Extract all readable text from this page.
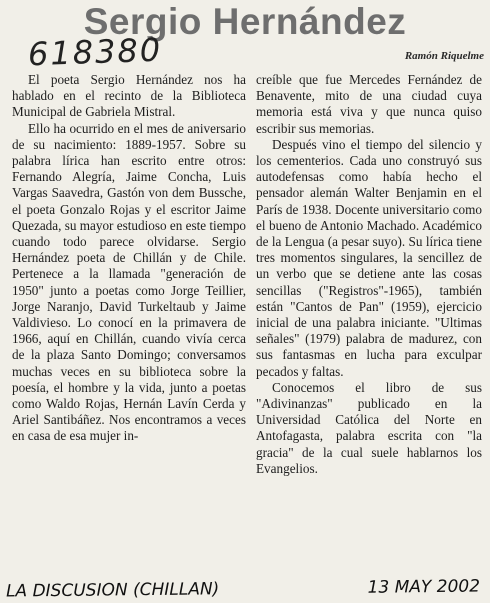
Sergio Hernández
618380	Ramón Riquelme

El poeta Sergio Hernández nos ha hablado en el recinto de la Biblioteca Municipal de Gabriela Mistral.

Ello ha ocurrido en el mes de aniversario de su nacimiento: 1889-1957. Sobre su palabra lírica han escrito entre otros: Fernando Alegría, Jaime Concha, Luis Vargas Saavedra, Gastón von dem Bussche, el poeta Gonzalo Rojas y el escritor Jaime Quezada, su mayor estudioso en este tiempo cuando todo parece olvidarse. Sergio Hernández poeta de Chillán y de Chile. Pertenece a la llamada "generación de 1950" junto a poetas como Jorge Teillier, Jorge Naranjo, David Turkeltaub y Jaime Valdivieso. Lo conocí en la primavera de 1966, aquí en Chillán, cuando vivía cerca de la plaza Santo Domingo; conversamos muchas veces en su biblioteca sobre la poesía, el hombre y la vida, junto a poetas como Waldo Rojas, Hernán Lavín Cerda y Ariel Santibáñez. Nos encontramos a veces en casa de esa mujer in-

creíble que fue Mercedes Fernández de Benavente, mito de una ciudad cuya memoria está viva y que nunca quiso escribir sus memorias.

Después vino el tiempo del silencio y los cementerios. Cada uno construyó sus autodefensas como había hecho el pensador alemán Walter Benjamin en el París de 1938. Docente universitario como el bueno de Antonio Machado. Académico de la Lengua (a pesar suyo). Su lírica tiene tres momentos singulares, la sencillez de un verbo que se detiene ante las cosas sencillas ("Registros"-1965), también están "Cantos de Pan" (1959), ejercicio inicial de una palabra iniciante. "Ultimas señales" (1979) palabra de madurez, con sus fantasmas en lucha para exculpar pecados y faltas.

Conocemos el libro de sus "Adivinanzas" publicado en la Universidad Católica del Norte en Antofagasta, palabra escrita con "la gracia" de la cual suele hablarnos los Evangelios.

LA DISCUSION (CHILLAN)	13 MAY 2002
